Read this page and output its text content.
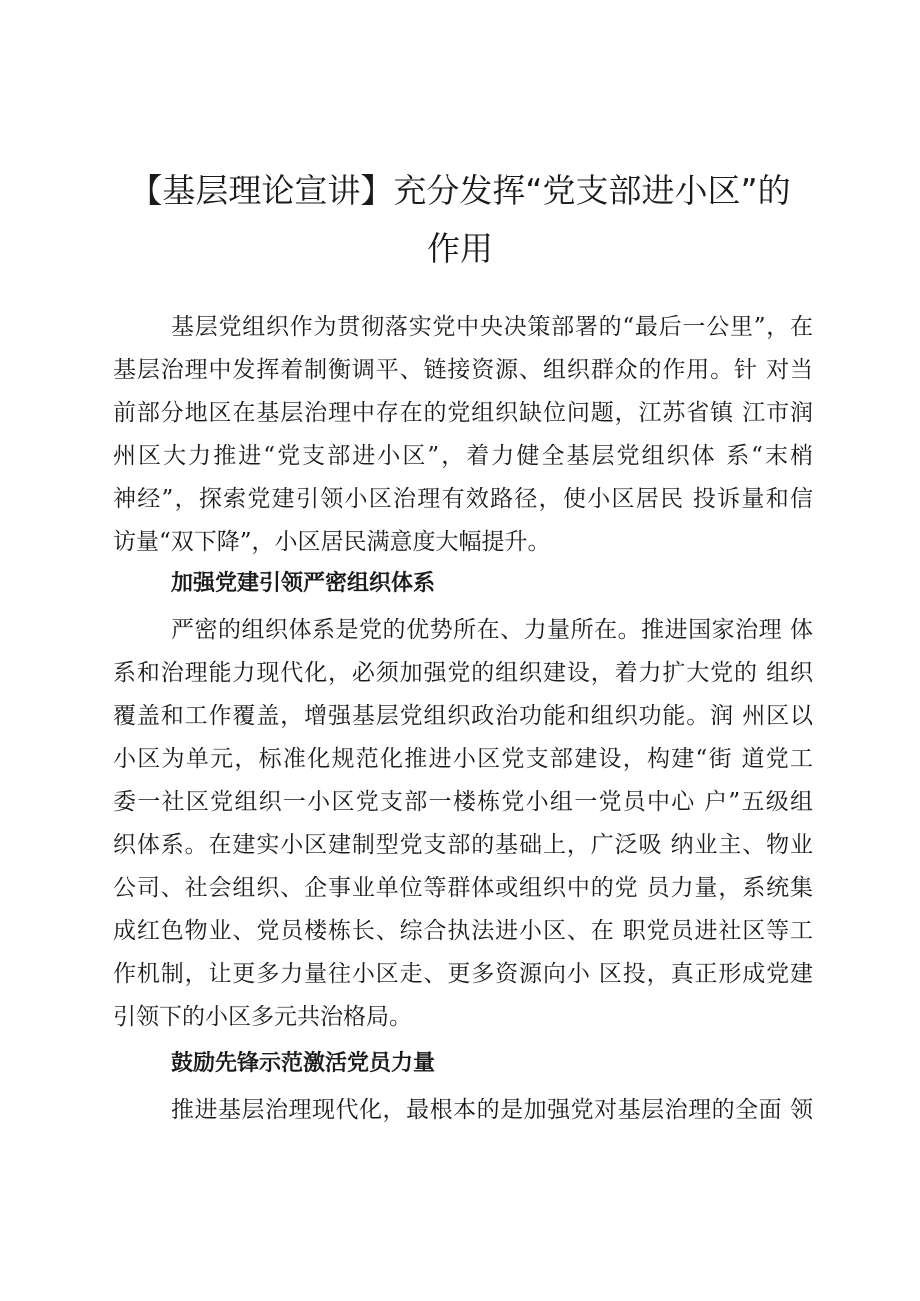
【基层理论宣讲】充分发挥“党支部进小区”的
作用
基层党组织作为贯彻落实党中央决策部署的“最后一公里”，在
基层治理中发挥着制衡调平、链接资源、组织群众的作用。针 对当
前部分地区在基层治理中存在的党组织缺位问题，江苏省镇 江市润
州区大力推进“党支部进小区”，着力健全基层党组织体 系“末梢
神经”，探索党建引领小区治理有效路径，使小区居民 投诉量和信
访量“双下降”，小区居民满意度大幅提升。
加强党建引领严密组织体系
严密的组织体系是党的优势所在、力量所在。推进国家治理 体
系和治理能力现代化，必须加强党的组织建设，着力扩大党的 组织
覆盖和工作覆盖，增强基层党组织政治功能和组织功能。润 州区以
小区为单元，标准化规范化推进小区党支部建设，构建“街 道党工
委一社区党组织一小区党支部一楼栋党小组一党员中心 户”五级组
织体系。在建实小区建制型党支部的基础上，广泛吸 纳业主、物业
公司、社会组织、企事业单位等群体或组织中的党 员力量，系统集
成红色物业、党员楼栋长、综合执法进小区、在 职党员进社区等工
作机制，让更多力量往小区走、更多资源向小 区投，真正形成党建
引领下的小区多元共治格局。
鼓励先锋示范激活党员力量
推进基层治理现代化，最根本的是加强党对基层治理的全面 领
